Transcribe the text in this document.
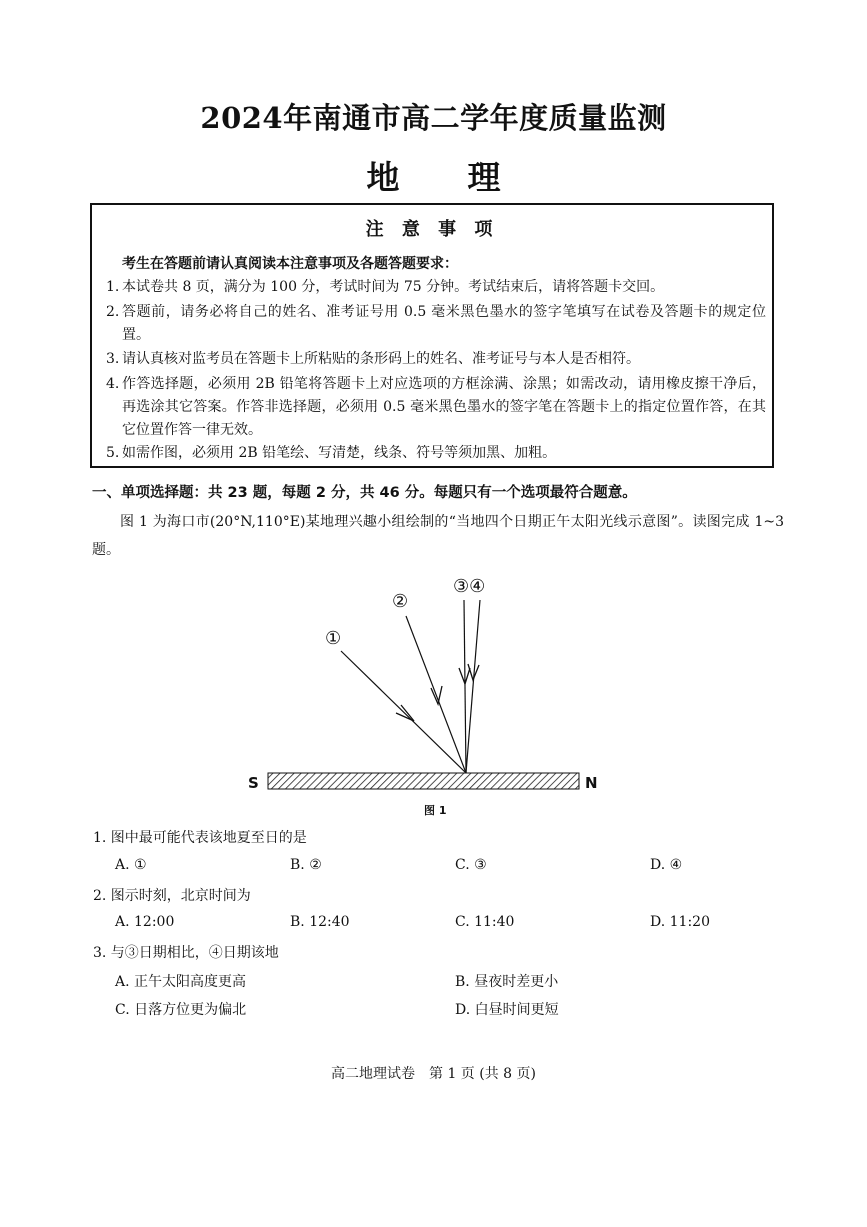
2024年南通市高二学年度质量监测
地 理
注 意 事 项
考生在答题前请认真阅读本注意事项及各题答题要求：
1. 本试卷共 8 页，满分为 100 分，考试时间为 75 分钟。考试结束后，请将答题卡交回。
2. 答题前，请务必将自己的姓名、准考证号用 0.5 毫米黑色墨水的签字笔填写在试卷及答题卡的规定位置。
3. 请认真核对监考员在答题卡上所粘贴的条形码上的姓名、准考证号与本人是否相符。
4. 作答选择题，必须用 2B 铅笔将答题卡上对应选项的方框涂满、涂黑；如需改动，请用橡皮擦干净后，再选涂其它答案。作答非选择题，必须用 0.5 毫米黑色墨水的签字笔在答题卡上的指定位置作答，在其它位置作答一律无效。
5. 如需作图，必须用 2B 铅笔绘、写清楚，线条、符号等须加黑、加粗。
一、单项选择题：共 23 题，每题 2 分，共 46 分。每题只有一个选项最符合题意。
图 1 为海口市(20°N,110°E)某地理兴趣小组绘制的“当地四个日期正午太阳光线示意图”。读图完成 1~3 题。
①
②
③④
S	N
图 1
1. 图中最可能代表该地夏至日的是
A. ①	B. ②	C. ③	D. ④
2. 图示时刻，北京时间为
A. 12:00	B. 12:40	C. 11:40	D. 11:20
3. 与③日期相比，④日期该地
A. 正午太阳高度更高	B. 昼夜时差更小
C. 日落方位更为偏北	D. 白昼时间更短
高二地理试卷　第 1 页 (共 8 页)
